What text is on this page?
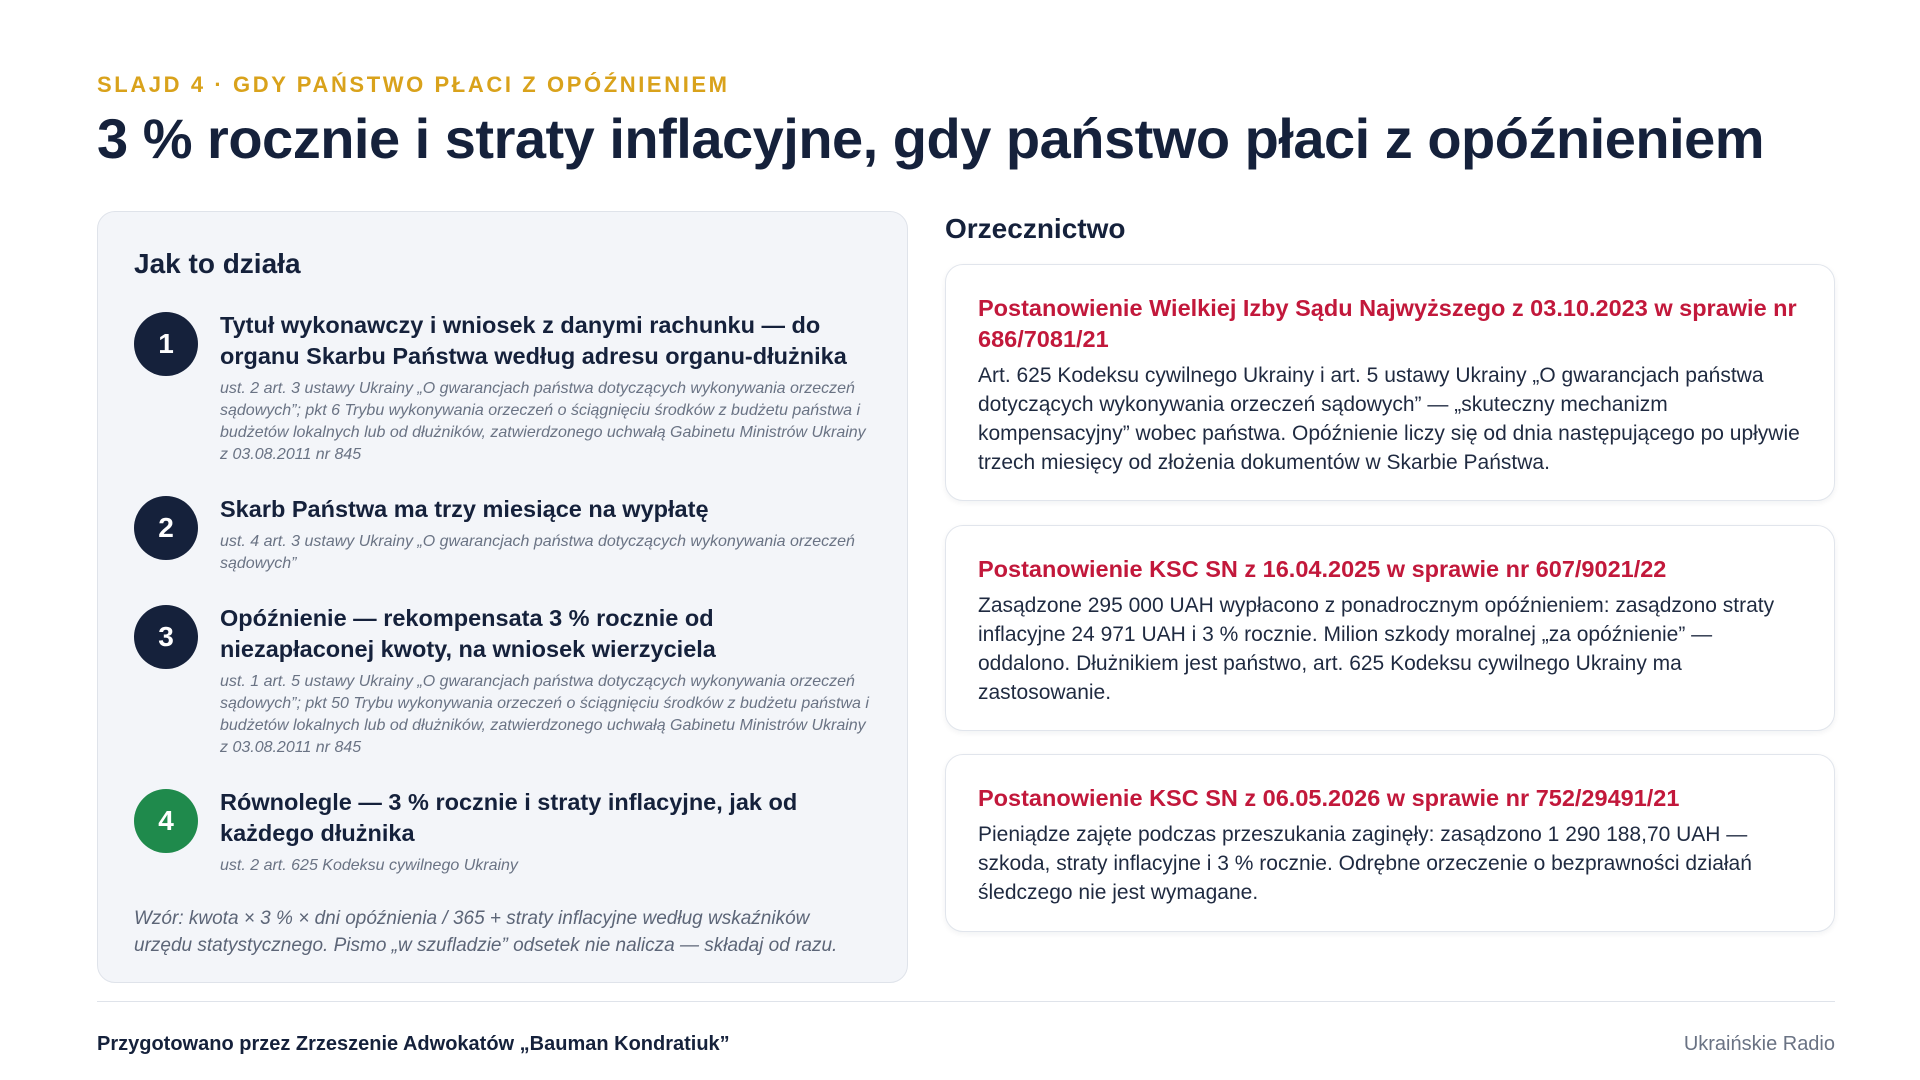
SLAJD 4 · GDY PAŃSTWO PŁACI Z OPÓŹNIENIEM
3 % rocznie i straty inflacyjne, gdy państwo płaci z opóźnieniem
Jak to działa
1
Tytuł wykonawczy i wniosek z danymi rachunku — do organu Skarbu Państwa według adresu organu-dłużnika
ust. 2 art. 3 ustawy Ukrainy „O gwarancjach państwa dotyczących wykonywania orzeczeń sądowych”; pkt 6 Trybu wykonywania orzeczeń o ściągnięciu środków z budżetu państwa i budżetów lokalnych lub od dłużników, zatwierdzonego uchwałą Gabinetu Ministrów Ukrainy z 03.08.2011 nr 845
2
Skarb Państwa ma trzy miesiące na wypłatę
ust. 4 art. 3 ustawy Ukrainy „O gwarancjach państwa dotyczących wykonywania orzeczeń sądowych”
3
Opóźnienie — rekompensata 3 % rocznie od niezapłaconej kwoty, na wniosek wierzyciela
ust. 1 art. 5 ustawy Ukrainy „O gwarancjach państwa dotyczących wykonywania orzeczeń sądowych”; pkt 50 Trybu wykonywania orzeczeń o ściągnięciu środków z budżetu państwa i budżetów lokalnych lub od dłużników, zatwierdzonego uchwałą Gabinetu Ministrów Ukrainy z 03.08.2011 nr 845
4
Równolegle — 3 % rocznie i straty inflacyjne, jak od każdego dłużnika
ust. 2 art. 625 Kodeksu cywilnego Ukrainy

Wzór: kwota × 3 % × dni opóźnienia / 365 + straty inflacyjne według wskaźników urzędu statystycznego. Pismo „w szufladzie” odsetek nie nalicza — składaj od razu.

Orzecznictwo
Postanowienie Wielkiej Izby Sądu Najwyższego z 03.10.2023 w sprawie nr 686/7081/21
Art. 625 Kodeksu cywilnego Ukrainy i art. 5 ustawy Ukrainy „O gwarancjach państwa dotyczących wykonywania orzeczeń sądowych” — „skuteczny mechanizm kompensacyjny” wobec państwa. Opóźnienie liczy się od dnia następującego po upływie trzech miesięcy od złożenia dokumentów w Skarbie Państwa.
Postanowienie KSC SN z 16.04.2025 w sprawie nr 607/9021/22
Zasądzone 295 000 UAH wypłacono z ponadrocznym opóźnieniem: zasądzono straty inflacyjne 24 971 UAH i 3 % rocznie. Milion szkody moralnej „za opóźnienie” — oddalono. Dłużnikiem jest państwo, art. 625 Kodeksu cywilnego Ukrainy ma zastosowanie.
Postanowienie KSC SN z 06.05.2026 w sprawie nr 752/29491/21
Pieniądze zajęte podczas przeszukania zaginęły: zasądzono 1 290 188,70 UAH — szkoda, straty inflacyjne i 3 % rocznie. Odrębne orzeczenie o bezprawności działań śledczego nie jest wymagane.
Przygotowano przez Zrzeszenie Adwokatów „Bauman Kondratiuk”	Ukraińskie Radio
